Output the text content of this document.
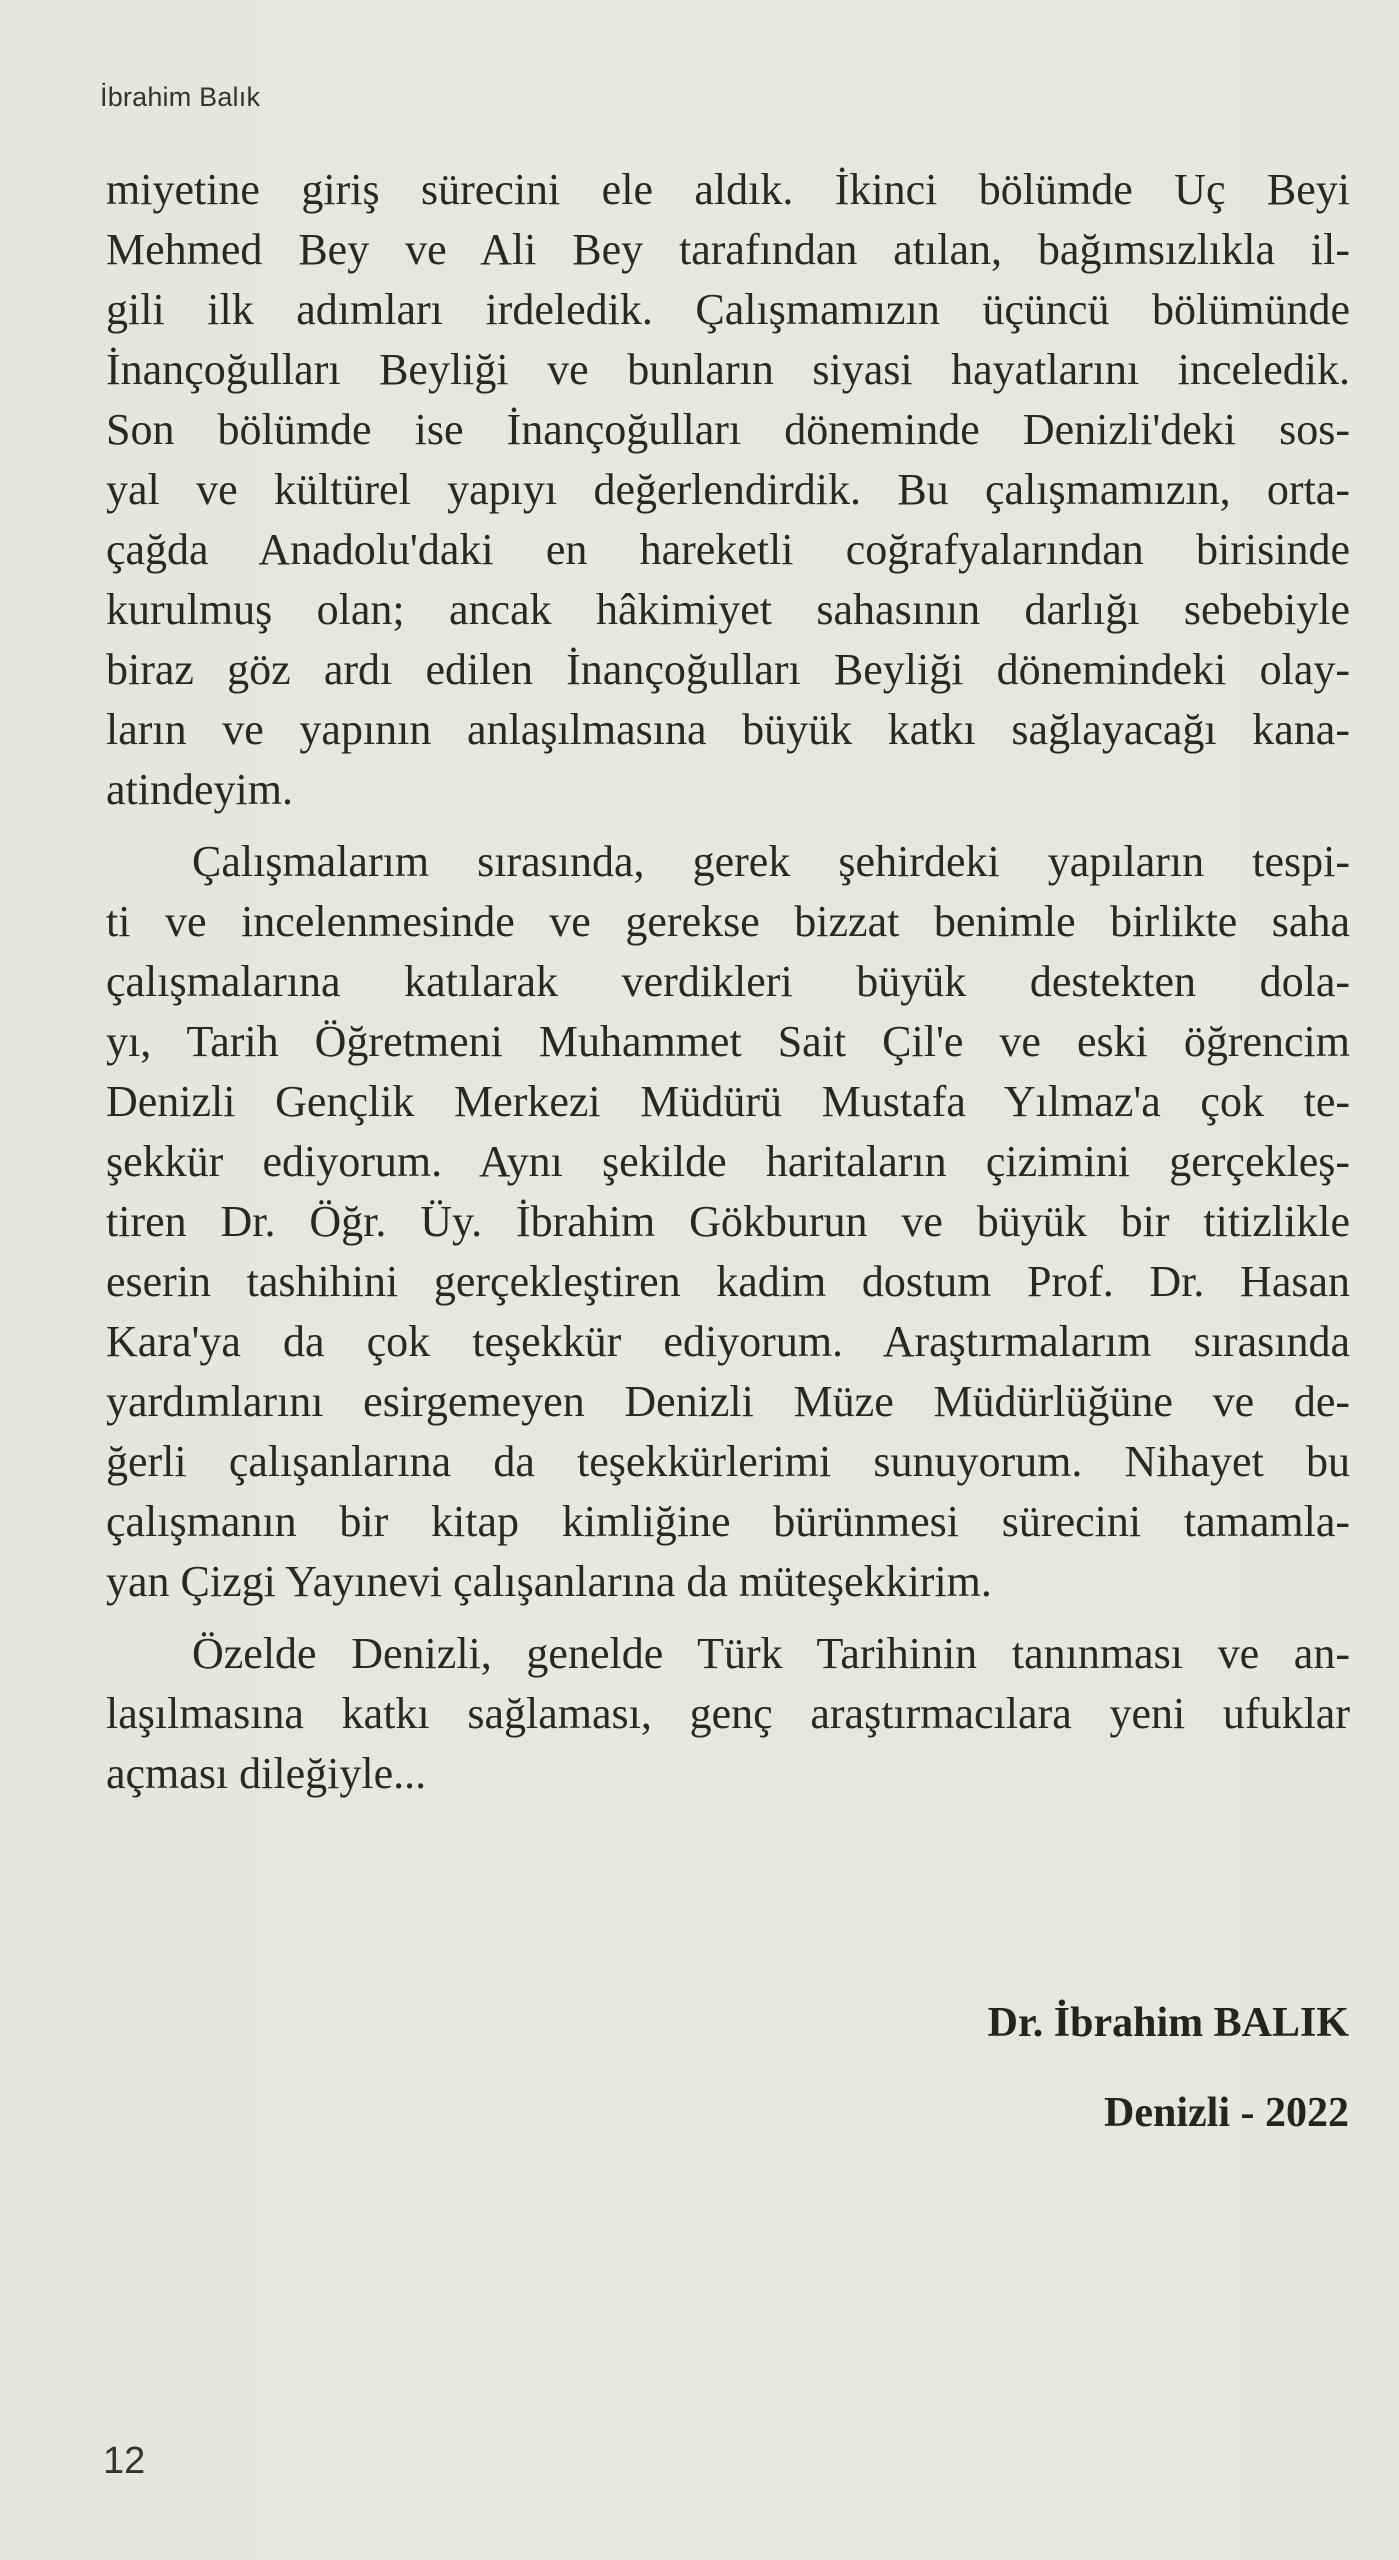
İbrahim Balık
miyetine giriş sürecini ele aldık. İkinci bölümde Uç Beyi
Mehmed Bey ve Ali Bey tarafından atılan, bağımsızlıkla il-
gili ilk adımları irdeledik. Çalışmamızın üçüncü bölümünde
İnançoğulları Beyliği ve bunların siyasi hayatlarını inceledik.
Son bölümde ise İnançoğulları döneminde Denizli'deki sos-
yal ve kültürel yapıyı değerlendirdik. Bu çalışmamızın, orta-
çağda Anadolu'daki en hareketli coğrafyalarından birisinde
kurulmuş olan; ancak hâkimiyet sahasının darlığı sebebiyle
biraz göz ardı edilen İnançoğulları Beyliği dönemindeki olay-
ların ve yapının anlaşılmasına büyük katkı sağlayacağı kana-
atindeyim.
Çalışmalarım sırasında, gerek şehirdeki yapıların tespi-
ti ve incelenmesinde ve gerekse bizzat benimle birlikte saha
çalışmalarına katılarak verdikleri büyük destekten dola-
yı, Tarih Öğretmeni Muhammet Sait Çil'e ve eski öğrencim
Denizli Gençlik Merkezi Müdürü Mustafa Yılmaz'a çok te-
şekkür ediyorum. Aynı şekilde haritaların çizimini gerçekleş-
tiren Dr. Öğr. Üy. İbrahim Gökburun ve büyük bir titizlikle
eserin tashihini gerçekleştiren kadim dostum Prof. Dr. Hasan
Kara'ya da çok teşekkür ediyorum. Araştırmalarım sırasında
yardımlarını esirgemeyen Denizli Müze Müdürlüğüne ve de-
ğerli çalışanlarına da teşekkürlerimi sunuyorum. Nihayet bu
çalışmanın bir kitap kimliğine bürünmesi sürecini tamamla-
yan Çizgi Yayınevi çalışanlarına da müteşekkirim.
Özelde Denizli, genelde Türk Tarihinin tanınması ve an-
laşılmasına katkı sağlaması, genç araştırmacılara yeni ufuklar
açması dileğiyle...
Dr. İbrahim BALIK
Denizli - 2022
12
